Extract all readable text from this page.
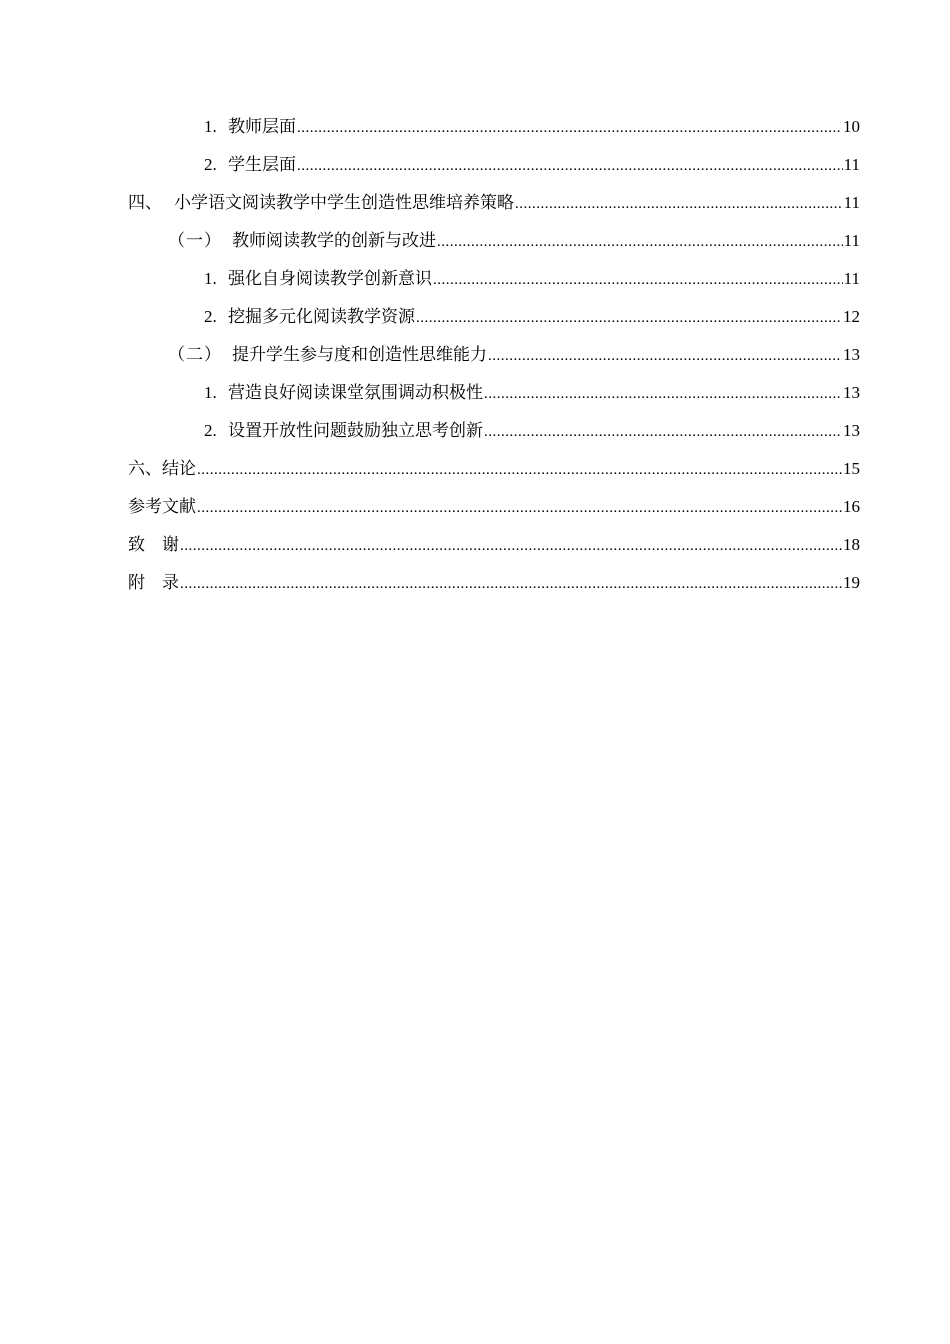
1. 教师层面 .....	10
2. 学生层面 .....	11
四、 小学语文阅读教学中学生创造性思维培养策略 .....	11
（一） 教师阅读教学的创新与改进 .....	11
1. 强化自身阅读教学创新意识 .....	11
2. 挖掘多元化阅读教学资源 .....	12
（二） 提升学生参与度和创造性思维能力 .....	13
1. 营造良好阅读课堂氛围调动积极性 .....	13
2. 设置开放性问题鼓励独立思考创新 .....	13
六、结论 .....	15
参考文献 .....	16
致　谢 .....	18
附　录 .....	19
